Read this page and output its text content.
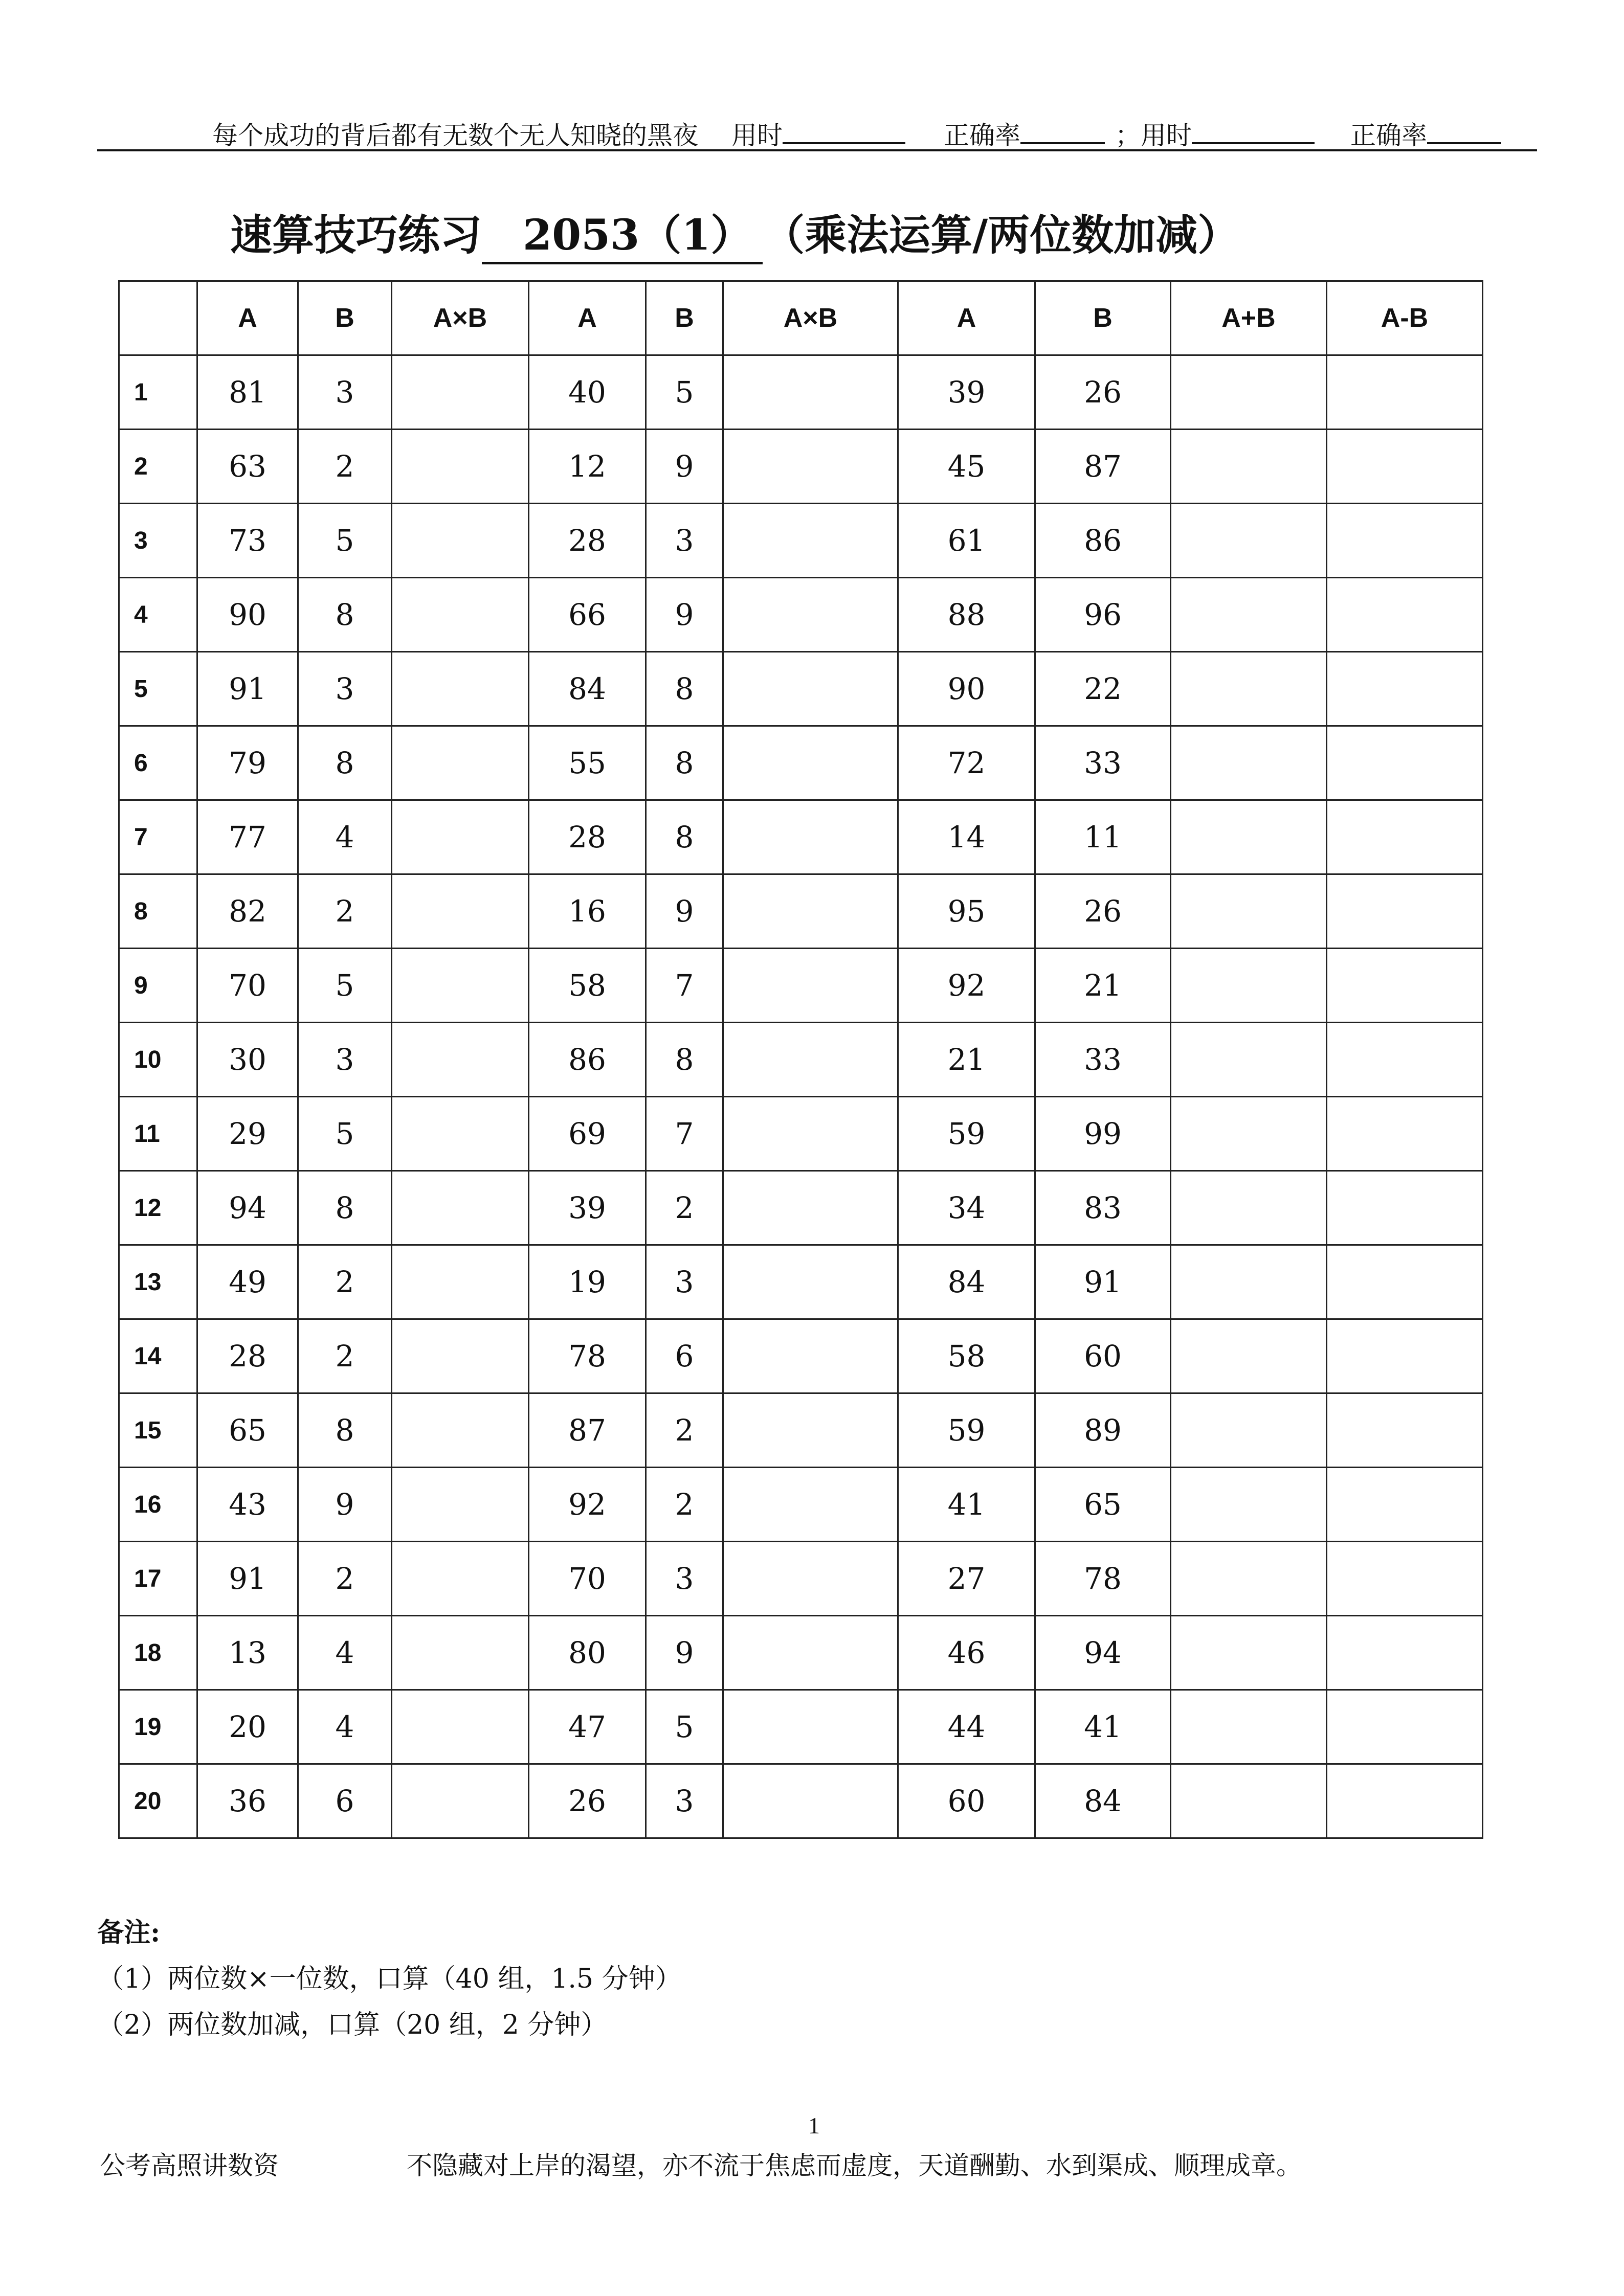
每个成功的背后都有无数个无人知晓的黑夜 用时	正确率	；用时	正确率
速算技巧练习 2053（1） （乘法运算/两位数加减）
	A	B	A×B	A	B	A×B	A	B	A+B	A-B
1	81	3		40	5		39	26		
2	63	2		12	9		45	87		
3	73	5		28	3		61	86		
4	90	8		66	9		88	96		
5	91	3		84	8		90	22		
6	79	8		55	8		72	33		
7	77	4		28	8		14	11		
8	82	2		16	9		95	26		
9	70	5		58	7		92	21		
10	30	3		86	8		21	33		
11	29	5		69	7		59	99		
12	94	8		39	2		34	83		
13	49	2		19	3		84	91		
14	28	2		78	6		58	60		
15	65	8		87	2		59	89		
16	43	9		92	2		41	65		
17	91	2		70	3		27	78		
18	13	4		80	9		46	94		
19	20	4		47	5		44	41		
20	36	6		26	3		60	84		
备注:
（1）两位数×一位数，口算（40 组，1.5 分钟）
（2）两位数加减，口算（20 组，2 分钟）
1
公考高照讲数资	不隐藏对上岸的渴望，亦不流于焦虑而虚度，天道酬勤、水到渠成、顺理成章。
